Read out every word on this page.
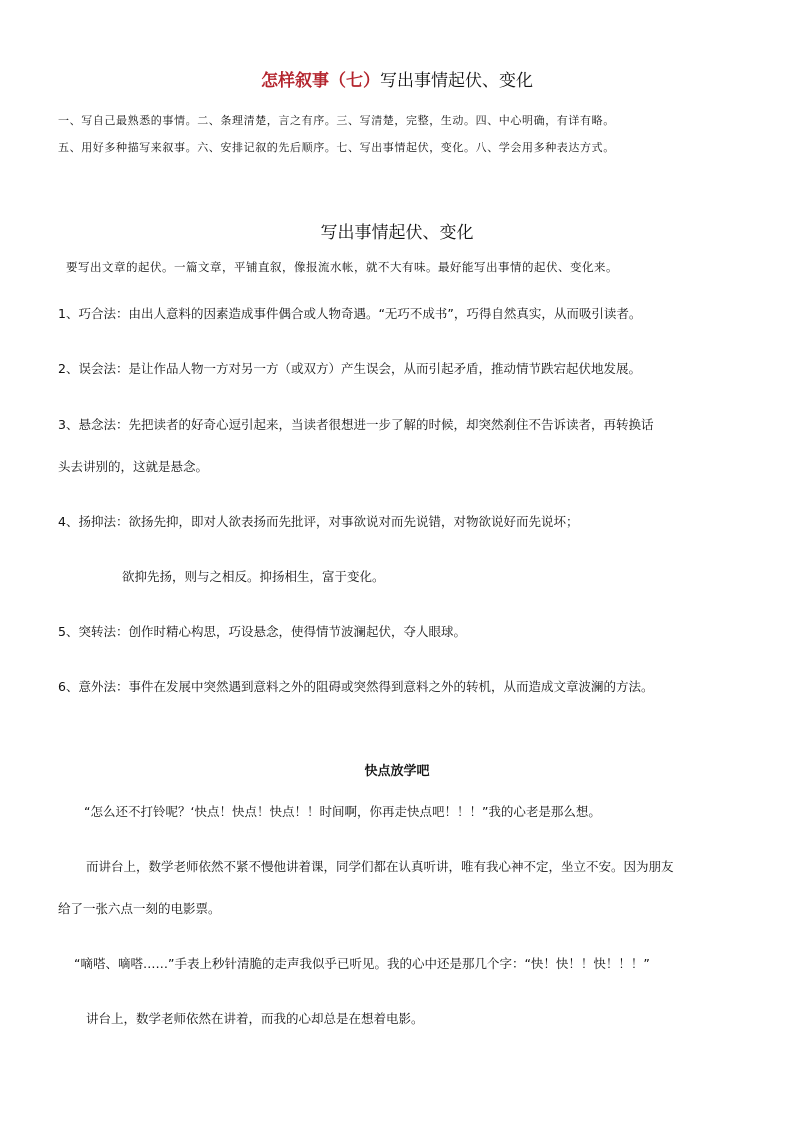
怎样叙事（七）写出事情起伏、变化
一、写自己最熟悉的事情。二、条理清楚，言之有序。三、写清楚，完整，生动。四、中心明确，有详有略。
五、用好多种描写来叙事。六、安排记叙的先后顺序。七、写出事情起伏，变化。八、学会用多种表达方式。
写出事情起伏、变化
要写出文章的起伏。一篇文章，平铺直叙，像报流水帐，就不大有味。最好能写出事情的起伏、变化来。
1、巧合法：由出人意料的因素造成事件偶合或人物奇遇。“无巧不成书”，巧得自然真实，从而吸引读者。
2、误会法：是让作品人物一方对另一方（或双方）产生误会，从而引起矛盾，推动情节跌宕起伏地发展。
3、悬念法：先把读者的好奇心逗引起来，当读者很想进一步了解的时候，却突然刹住不告诉读者，再转换话
头去讲别的，这就是悬念。
4、扬抑法：欲扬先抑，即对人欲表扬而先批评，对事欲说对而先说错，对物欲说好而先说坏；
欲抑先扬，则与之相反。抑扬相生，富于变化。
5、突转法：创作时精心构思，巧设悬念，使得情节波澜起伏，夺人眼球。
6、意外法：事件在发展中突然遇到意料之外的阻碍或突然得到意料之外的转机，从而造成文章波澜的方法。
快点放学吧
“怎么还不打铃呢？‘快点！快点！快点！！时间啊，你再走快点吧！！！”我的心老是那么想。
而讲台上，数学老师依然不紧不慢他讲着课，同学们都在认真听讲，唯有我心神不定，坐立不安。因为朋友
给了一张六点一刻的电影票。
“嘀嗒、嘀嗒……”手表上秒针清脆的走声我似乎已听见。我的心中还是那几个字：“快！快！！快！！！”
讲台上，数学老师依然在讲着，而我的心却总是在想着电影。
